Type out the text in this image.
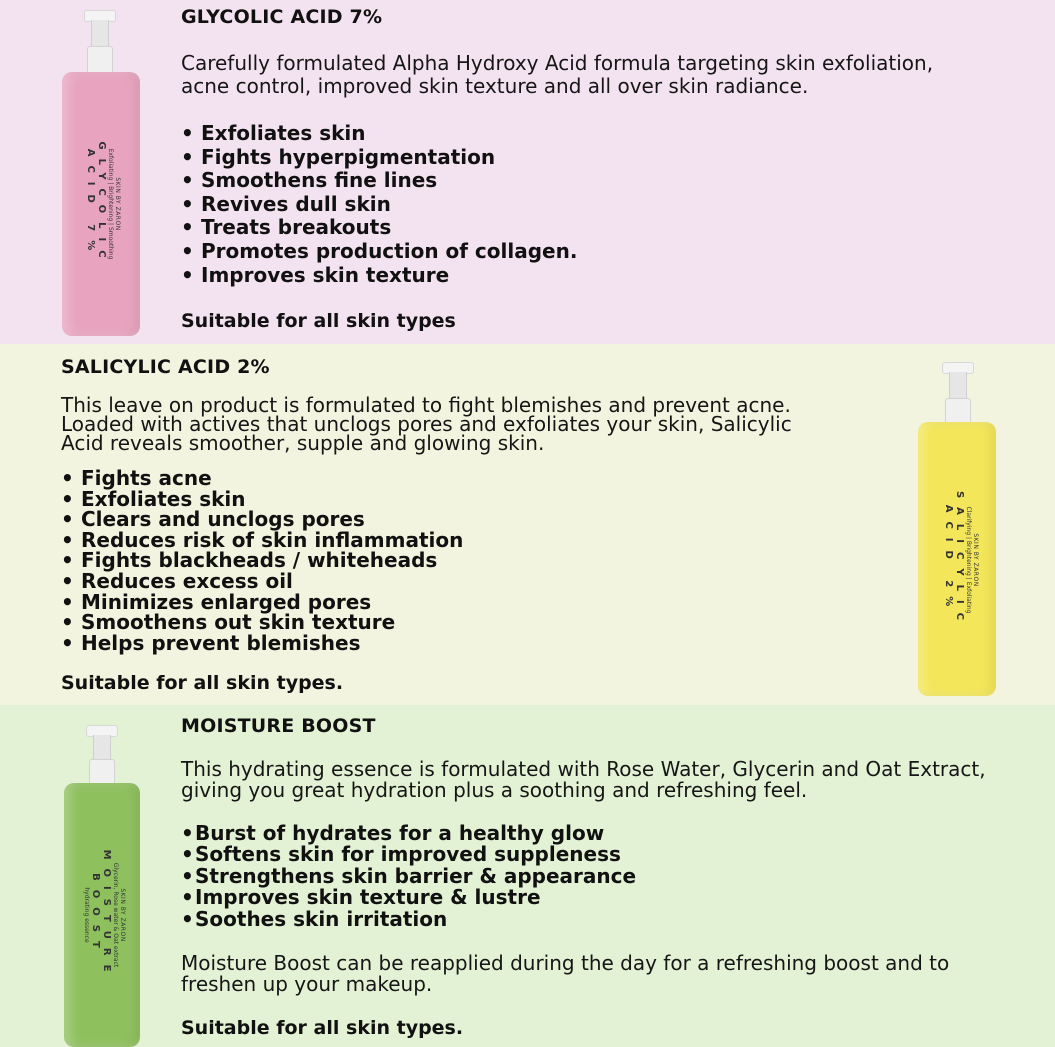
SKIN BY ZARON
Exfoliating | Brightening | Smoothing
GLYCOLIC
ACID 7%
GLYCOLIC ACID 7%
Carefully formulated Alpha Hydroxy Acid formula targeting skin exfoliation,
acne control, improved skin texture and all over skin radiance.
• Exfoliates skin
• Fights hyperpigmentation
• Smoothens fine lines
• Revives dull skin
• Treats breakouts
• Promotes production of collagen.
• Improves skin texture
Suitable for all skin types
SALICYLIC ACID 2%
This leave on product is formulated to fight blemishes and prevent acne.
Loaded with actives that unclogs pores and exfoliates your skin, Salicylic
Acid reveals smoother, supple and glowing skin.
• Fights acne
• Exfoliates skin
• Clears and unclogs pores
• Reduces risk of skin inflammation
• Fights blackheads / whiteheads
• Reduces excess oil
• Minimizes enlarged pores
• Smoothens out skin texture
• Helps prevent blemishes
Suitable for all skin types.
SKIN BY ZARON
Clarifying | Brightening | Exfoliating
SALICYLIC
ACID 2%
SKIN BY ZARON
Glycerin, Rose water & Oat extract
MOISTURE
BOOST
hydrating essence
MOISTURE BOOST
This hydrating essence is formulated with Rose Water, Glycerin and Oat Extract,
giving you great hydration plus a soothing and refreshing feel.
• Burst of hydrates for a healthy glow
• Softens skin for improved suppleness
• Strengthens skin barrier & appearance
• Improves skin texture & lustre
• Soothes skin irritation
Moisture Boost can be reapplied during the day for a refreshing boost and to
freshen up your makeup.
Suitable for all skin types.
